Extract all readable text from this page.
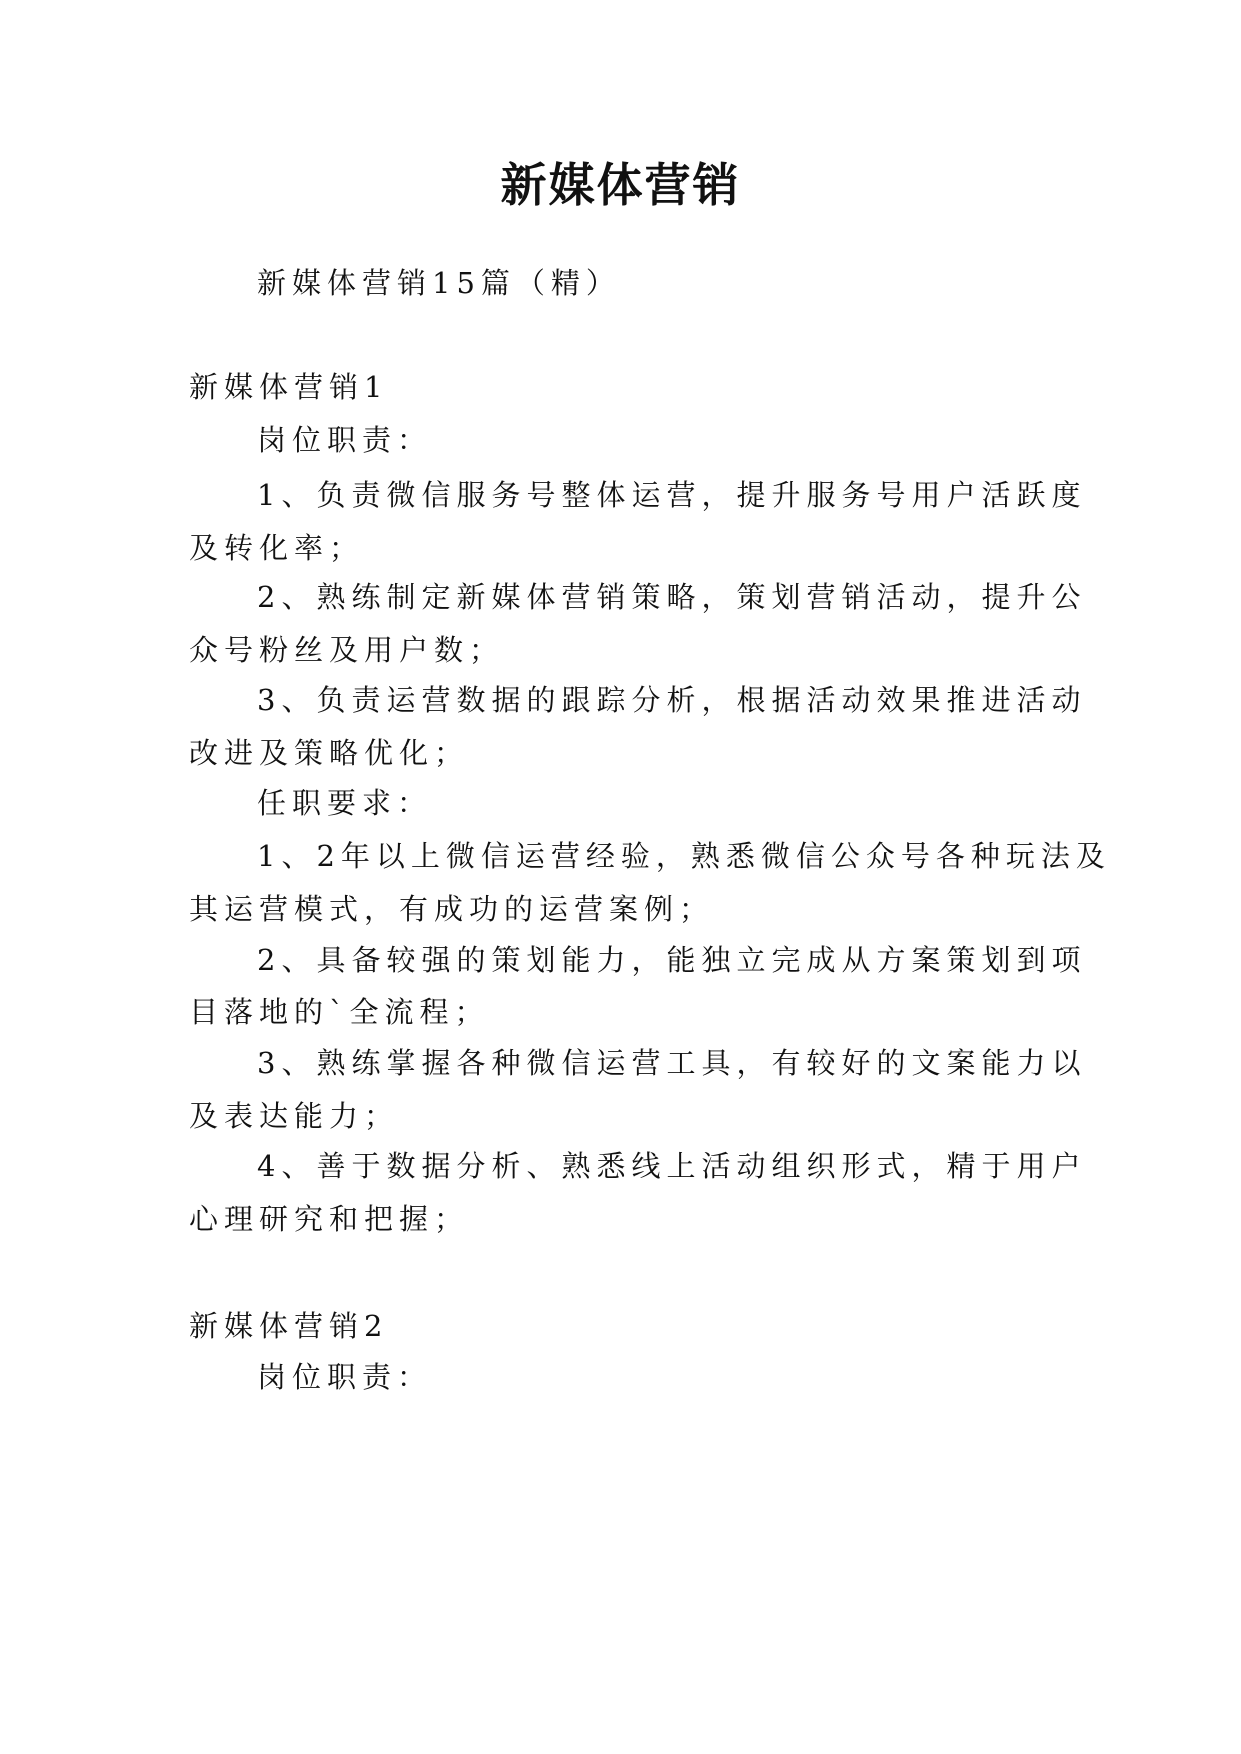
新媒体营销
新媒体营销15篇（精）
新媒体营销1
岗位职责：
1、负责微信服务号整体运营，提升服务号用户活跃度
及转化率；
2、熟练制定新媒体营销策略，策划营销活动，提升公
众号粉丝及用户数；
3、负责运营数据的跟踪分析，根据活动效果推进活动
改进及策略优化；
任职要求：
1、2年以上微信运营经验，熟悉微信公众号各种玩法及
其运营模式，有成功的运营案例；
2、具备较强的策划能力，能独立完成从方案策划到项
目落地的`全流程；
3、熟练掌握各种微信运营工具，有较好的文案能力以
及表达能力；
4、善于数据分析、熟悉线上活动组织形式，精于用户
心理研究和把握；
新媒体营销2
岗位职责：
